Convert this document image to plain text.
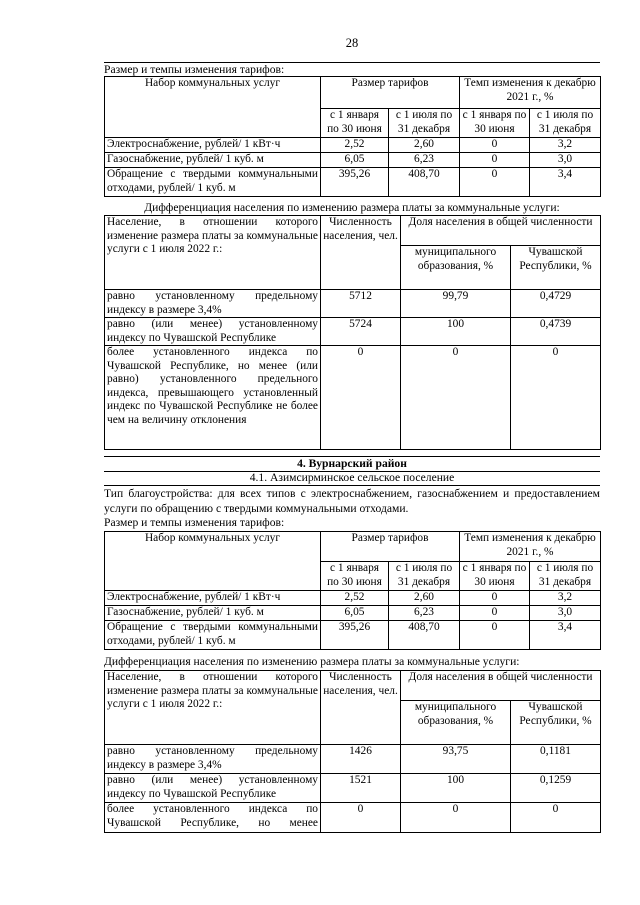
28
Размер и темпы изменения тарифов:
Набор коммунальных услуг	Размер тарифов		Темп изменения к декабрю 2021 г., %	
	с 1 января по 30 июня	с 1 июля по 31 декабря	с 1 января по 30 июня	с 1 июля по 31 декабря
Электроснабжение, рублей/ 1 кВт·ч	2,52	2,60	0	3,2
Газоснабжение, рублей/ 1 куб. м	6,05	6,23	0	3,0
Обращение с твердыми коммунальными отходами, рублей/ 1 куб. м	395,26	408,70	0	3,4
Дифференциация населения по изменению размера платы за коммунальные услуги:
Население, в отношении которого изменение размера платы за коммунальные услуги с 1 июля 2022 г.:	Численность населения, чел.	Доля населения в общей численности	
		муниципального образования, %	Чувашской Республики, %
равно установленному предельному индексу в размере 3,4%	5712	99,79	0,4729
равно (или менее) установленному индексу по Чувашской Республике	5724	100	0,4739
более установленного индекса по Чувашской Республике, но менее (или равно) установленного предельного индекса, превышающего установленный индекс по Чувашской Республике не более чем на величину отклонения	0	0	0
4. Вурнарский район
4.1. Азимсирминское сельское поселение
Тип благоустройства: для всех типов с электроснабжением, газоснабжением и предоставлением услуги по обращению с твердыми коммунальными отходами.
Размер и темпы изменения тарифов:
Набор коммунальных услуг	Размер тарифов		Темп изменения к декабрю 2021 г., %	
	с 1 января по 30 июня	с 1 июля по 31 декабря	с 1 января по 30 июня	с 1 июля по 31 декабря
Электроснабжение, рублей/ 1 кВт·ч	2,52	2,60	0	3,2
Газоснабжение, рублей/ 1 куб. м	6,05	6,23	0	3,0
Обращение с твердыми коммунальными отходами, рублей/ 1 куб. м	395,26	408,70	0	3,4
Дифференциация населения по изменению размера платы за коммунальные услуги:
Население, в отношении которого изменение размера платы за коммунальные услуги с 1 июля 2022 г.:	Численность населения, чел.	Доля населения в общей численности	
		муниципального образования, %	Чувашской Республики, %
равно установленному предельному индексу в размере 3,4%	1426	93,75	0,1181
равно (или менее) установленному индексу по Чувашской Республике	1521	100	0,1259
более установленного индекса по Чувашской Республике, но менее	0	0	0
